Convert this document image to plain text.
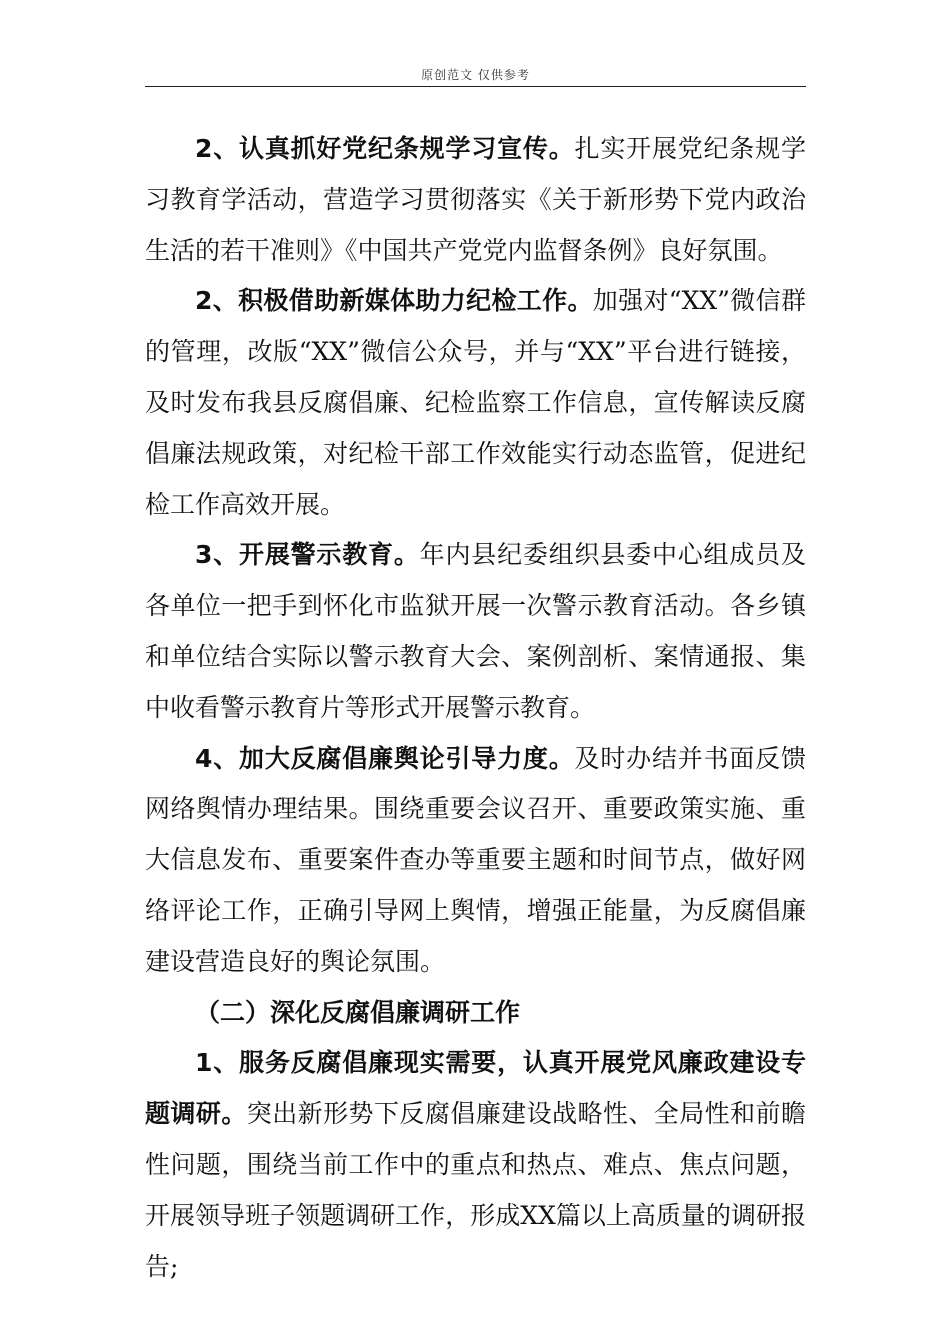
原创范文 仅供参考

2、认真抓好党纪条规学习宣传。扎实开展党纪条规学习教育学活动，营造学习贯彻落实《关于新形势下党内政治生活的若干准则》《中国共产党党内监督条例》良好氛围。

2、积极借助新媒体助力纪检工作。加强对“XX”微信群的管理，改版“XX”微信公众号，并与“XX”平台进行链接，及时发布我县反腐倡廉、纪检监察工作信息，宣传解读反腐倡廉法规政策，对纪检干部工作效能实行动态监管，促进纪检工作高效开展。

3、开展警示教育。年内县纪委组织县委中心组成员及各单位一把手到怀化市监狱开展一次警示教育活动。各乡镇和单位结合实际以警示教育大会、案例剖析、案情通报、集中收看警示教育片等形式开展警示教育。

4、加大反腐倡廉舆论引导力度。及时办结并书面反馈网络舆情办理结果。围绕重要会议召开、重要政策实施、重大信息发布、重要案件查办等重要主题和时间节点，做好网络评论工作，正确引导网上舆情，增强正能量，为反腐倡廉建设营造良好的舆论氛围。

（二）深化反腐倡廉调研工作

1、服务反腐倡廉现实需要，认真开展党风廉政建设专题调研。突出新形势下反腐倡廉建设战略性、全局性和前瞻性问题，围绕当前工作中的重点和热点、难点、焦点问题，开展领导班子领题调研工作，形成XX篇以上高质量的调研报告;
